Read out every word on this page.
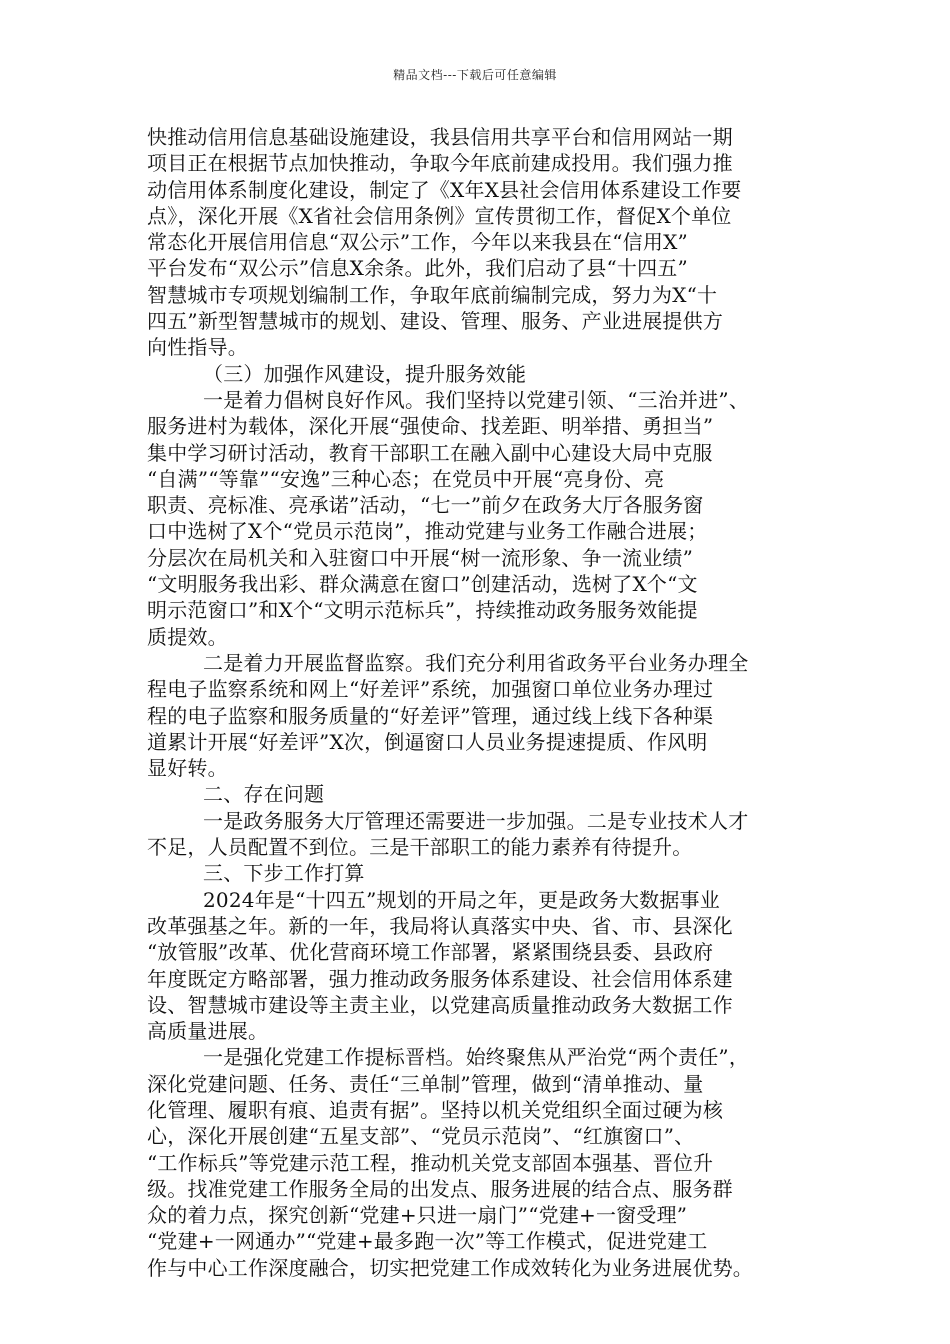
精品文档---下载后可任意编辑
快推动信用信息基础设施建设，我县信用共享平台和信用网站一期
项目正在根据节点加快推动，争取今年底前建成投用。我们强力推
动信用体系制度化建设，制定了《X年X县社会信用体系建设工作要
点》，深化开展《X省社会信用条例》宣传贯彻工作，督促X个单位
常态化开展信用信息“双公示”工作，今年以来我县在“信用X”
平台发布“双公示”信息X余条。此外，我们启动了县“十四五”
智慧城市专项规划编制工作，争取年底前编制完成，努力为X“十
四五”新型智慧城市的规划、建设、管理、服务、产业进展提供方
向性指导。
（三）加强作风建设，提升服务效能
一是着力倡树良好作风。我们坚持以党建引领、“三治并进”、
服务进村为载体，深化开展“强使命、找差距、明举措、勇担当”
集中学习研讨活动，教育干部职工在融入副中心建设大局中克服
“自满”“等靠”“安逸”三种心态；在党员中开展“亮身份、亮
职责、亮标准、亮承诺”活动，“七一”前夕在政务大厅各服务窗
口中选树了X个“党员示范岗”，推动党建与业务工作融合进展；
分层次在局机关和入驻窗口中开展“树一流形象、争一流业绩”
“文明服务我出彩、群众满意在窗口”创建活动，选树了X个“文
明示范窗口”和X个“文明示范标兵”，持续推动政务服务效能提
质提效。
二是着力开展监督监察。我们充分利用省政务平台业务办理全
程电子监察系统和网上“好差评”系统，加强窗口单位业务办理过
程的电子监察和服务质量的“好差评”管理，通过线上线下各种渠
道累计开展“好差评”X次，倒逼窗口人员业务提速提质、作风明
显好转。
二、存在问题
一是政务服务大厅管理还需要进一步加强。二是专业技术人才
不足，人员配置不到位。三是干部职工的能力素养有待提升。
三、下步工作打算
2024年是“十四五”规划的开局之年，更是政务大数据事业
改革强基之年。新的一年，我局将认真落实中央、省、市、县深化
“放管服”改革、优化营商环境工作部署，紧紧围绕县委、县政府
年度既定方略部署，强力推动政务服务体系建设、社会信用体系建
设、智慧城市建设等主责主业，以党建高质量推动政务大数据工作
高质量进展。
一是强化党建工作提标晋档。始终聚焦从严治党“两个责任”，
深化党建问题、任务、责任“三单制”管理，做到“清单推动、量
化管理、履职有痕、追责有据”。坚持以机关党组织全面过硬为核
心，深化开展创建“五星支部”、“党员示范岗”、“红旗窗口”、
“工作标兵”等党建示范工程，推动机关党支部固本强基、晋位升
级。找准党建工作服务全局的出发点、服务进展的结合点、服务群
众的着力点，探究创新“党建+只进一扇门”“党建+一窗受理”
“党建+一网通办”“党建+最多跑一次”等工作模式，促进党建工
作与中心工作深度融合，切实把党建工作成效转化为业务进展优势。
